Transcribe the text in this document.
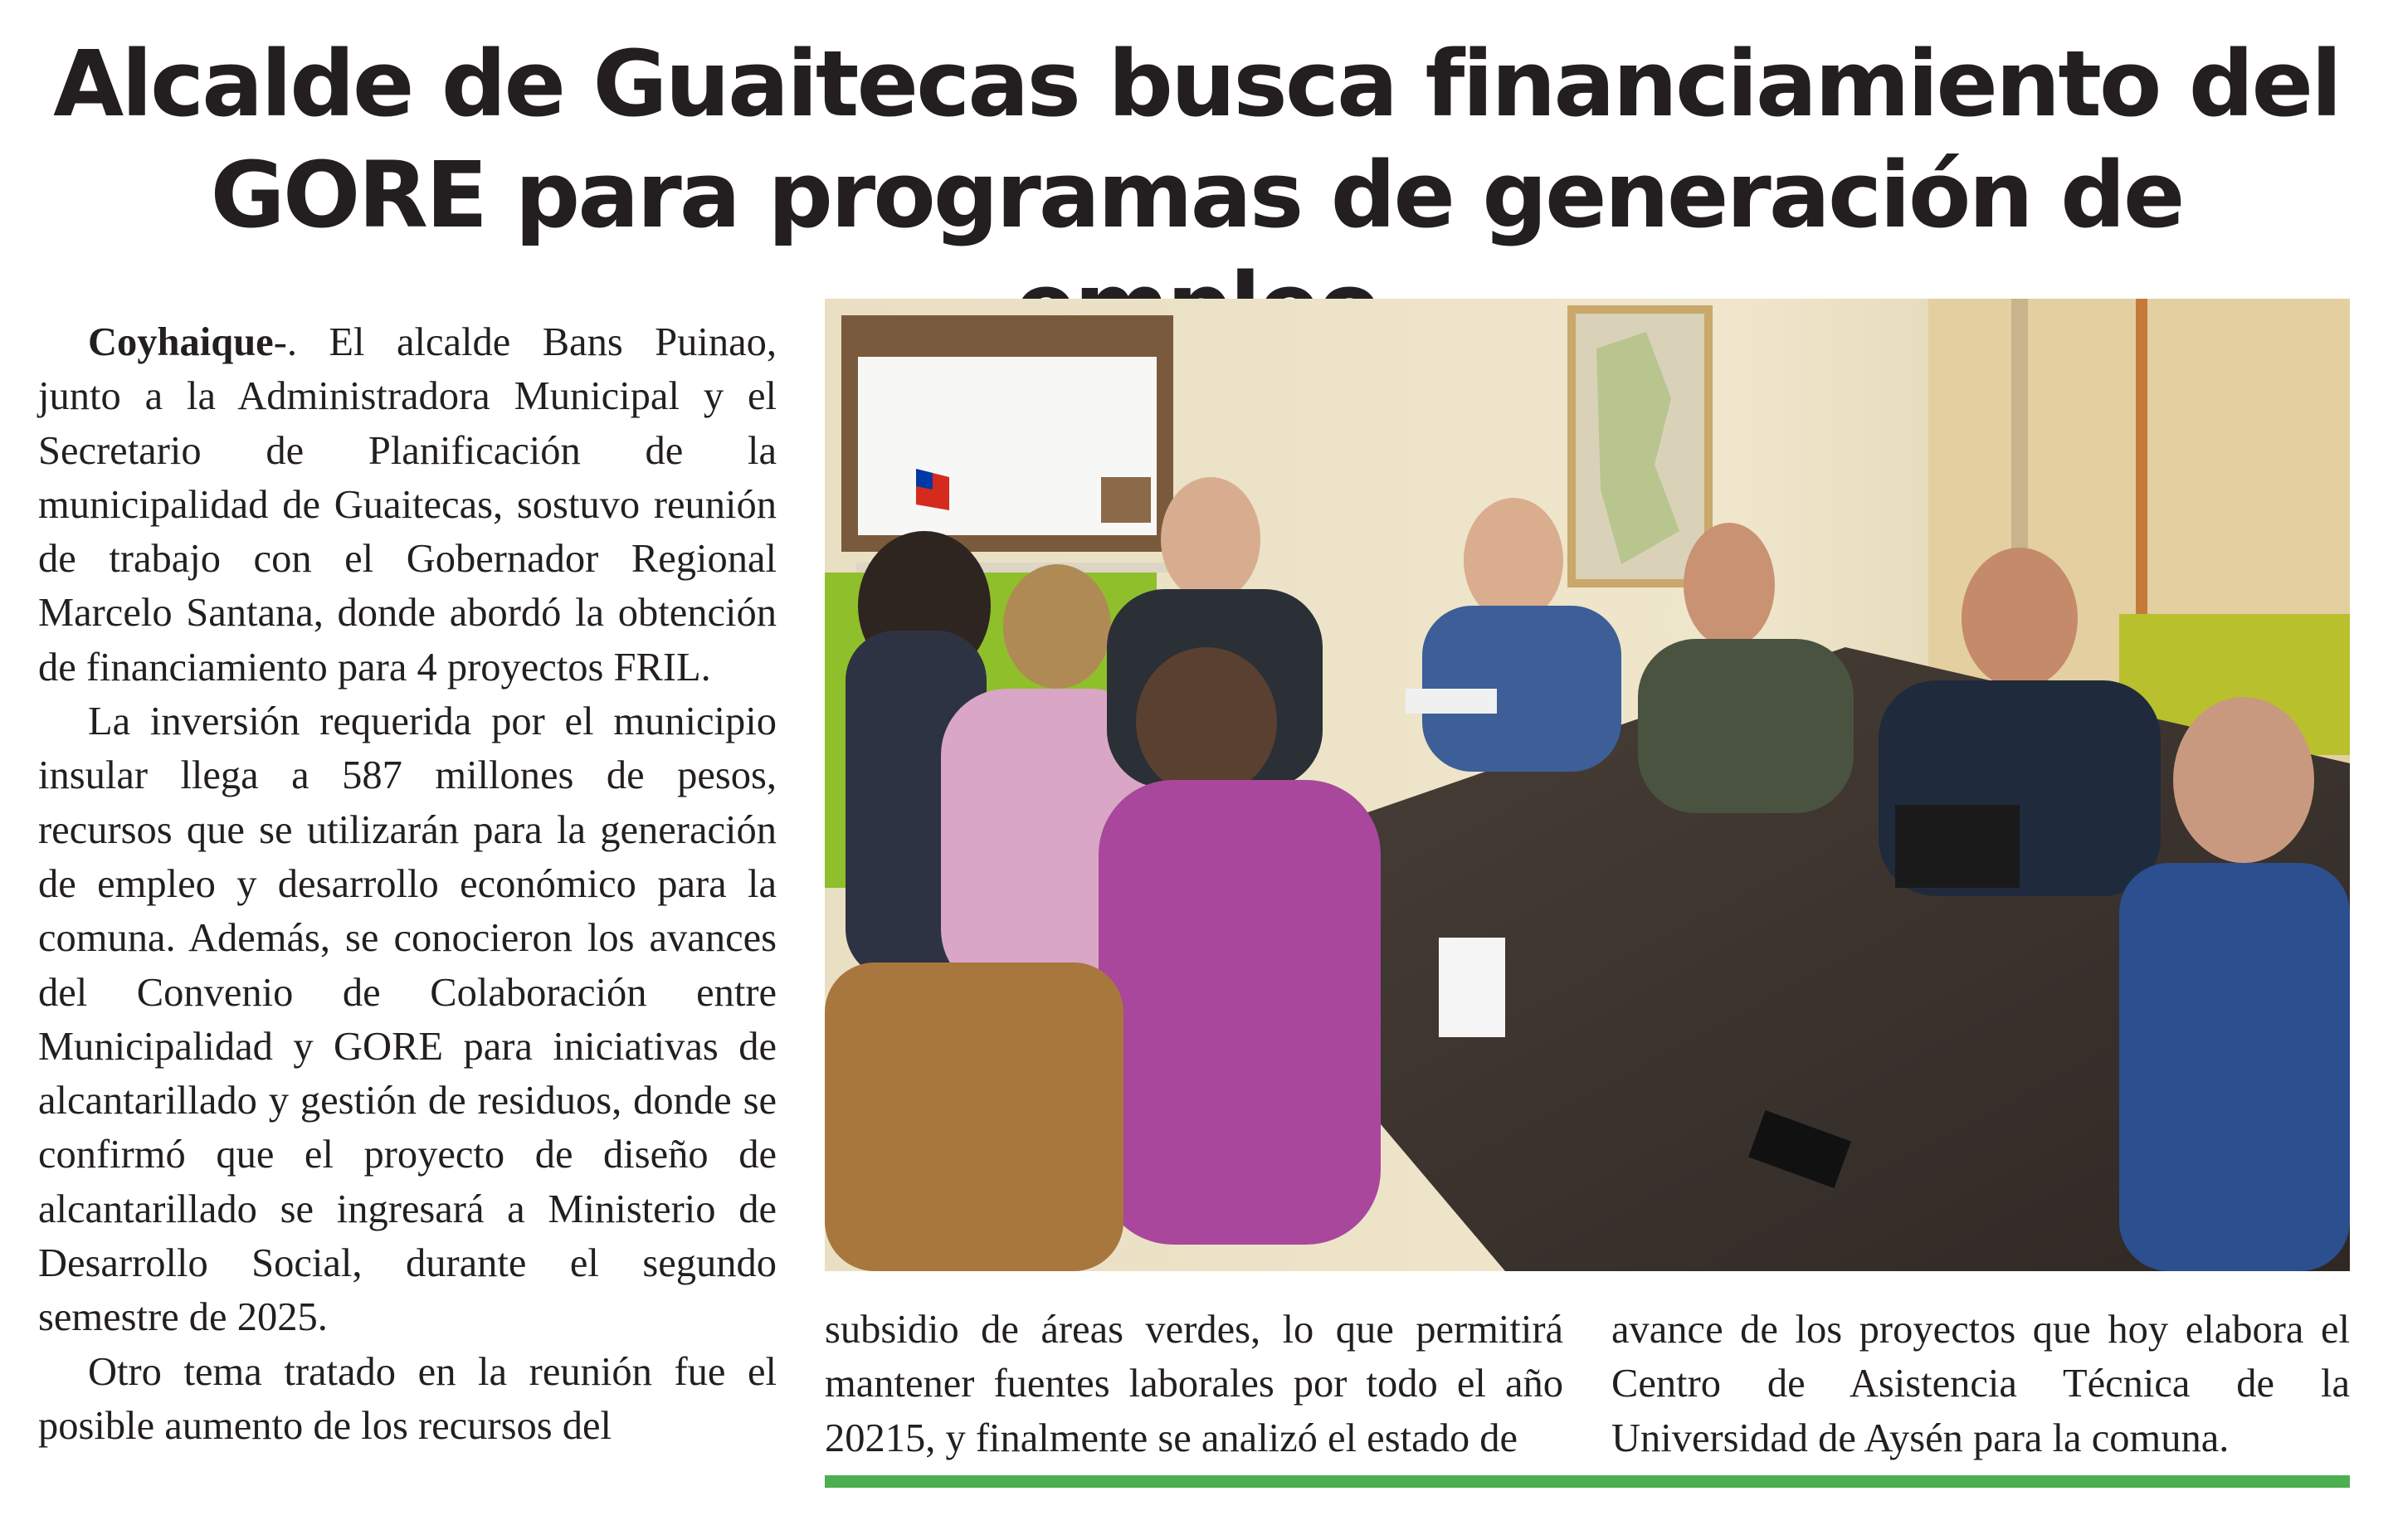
Alcalde de Guaitecas busca financiamiento del
GORE para programas de generación de

Coyhaique-. El alcalde Bans Puinao, junto a la Administradora Municipal y el Secretario de Planificación de la municipalidad de Guaitecas, sostuvo reunión de trabajo con el Gobernador Regional Marcelo Santana, donde abordó la obtención de financiamiento para 4 proyectos FRIL.

La inversión requerida por el municipio insular llega a 587 millones de pesos, recursos que se utilizarán para la generación de empleo y desarrollo económico para la comuna. Además, se conocieron los avances del Convenio de Colaboración entre Municipalidad y GORE para iniciativas de alcantarillado y gestión de residuos, donde se confirmó que el proyecto de diseño de alcantarillado se ingresará a Ministerio de Desarrollo Social, durante el segundo semestre de 2025.

Otro tema tratado en la reunión fue el posible aumento de los recursos del

subsidio de áreas verdes, lo que permitirá mantener fuentes laborales por todo el año 20215, y finalmente se analizó el estado de

avance de los proyectos que hoy elabora el Centro de Asistencia Técnica de la Universidad de Aysén para la comuna.
